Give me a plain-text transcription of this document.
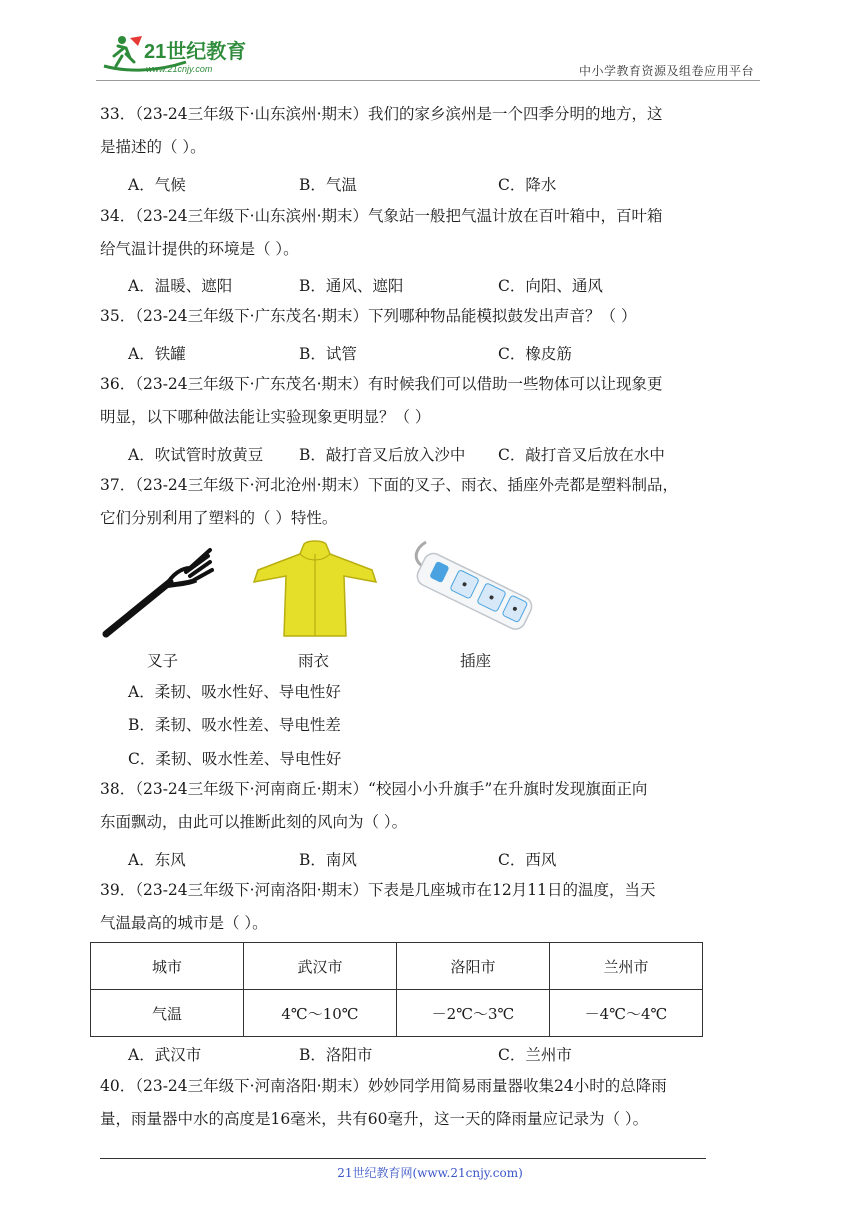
21世纪教育
www.21cnjy.com	中小学教育资源及组卷应用平台
33．（23-24三年级下·山东滨州·期末）我们的家乡滨州是一个四季分明的地方，这
是描述的（ ）。
A．气候	B．气温	C．降水
34．（23-24三年级下·山东滨州·期末）气象站一般把气温计放在百叶箱中，百叶箱
给气温计提供的环境是（ ）。
A．温暖、遮阳	B．通风、遮阳	C．向阳、通风
35．（23-24三年级下·广东茂名·期末）下列哪种物品能模拟鼓发出声音？（ ）
A．铁罐	B．试管	C．橡皮筋
36．（23-24三年级下·广东茂名·期末）有时候我们可以借助一些物体可以让现象更
明显，以下哪种做法能让实验现象更明显？（ ）
A．吹试管时放黄豆 B．敲打音叉后放入沙中 C．敲打音叉后放在水中
37．（23-24三年级下·河北沧州·期末）下面的叉子、雨衣、插座外壳都是塑料制品，
它们分别利用了塑料的（ ）特性。
叉子	雨衣	插座
A．柔韧、吸水性好、导电性好
B．柔韧、吸水性差、导电性差
C．柔韧、吸水性差、导电性好
38．（23-24三年级下·河南商丘·期末）“校园小小升旗手”在升旗时发现旗面正向
东面飘动，由此可以推断此刻的风向为（ ）。
A．东风	B．南风	C．西风
39．（23-24三年级下·河南洛阳·期末）下表是几座城市在12月11日的温度，当天
气温最高的城市是（ ）。
城市	武汉市	洛阳市	兰州市
气温	4℃～10℃	－2℃～3℃	－4℃～4℃
A．武汉市	B．洛阳市	C．兰州市
40．（23-24三年级下·河南洛阳·期末）妙妙同学用简易雨量器收集24小时的总降雨
量，雨量器中水的高度是16毫米，共有60毫升，这一天的降雨量应记录为（ ）。
21世纪教育网(www.21cnjy.com)
